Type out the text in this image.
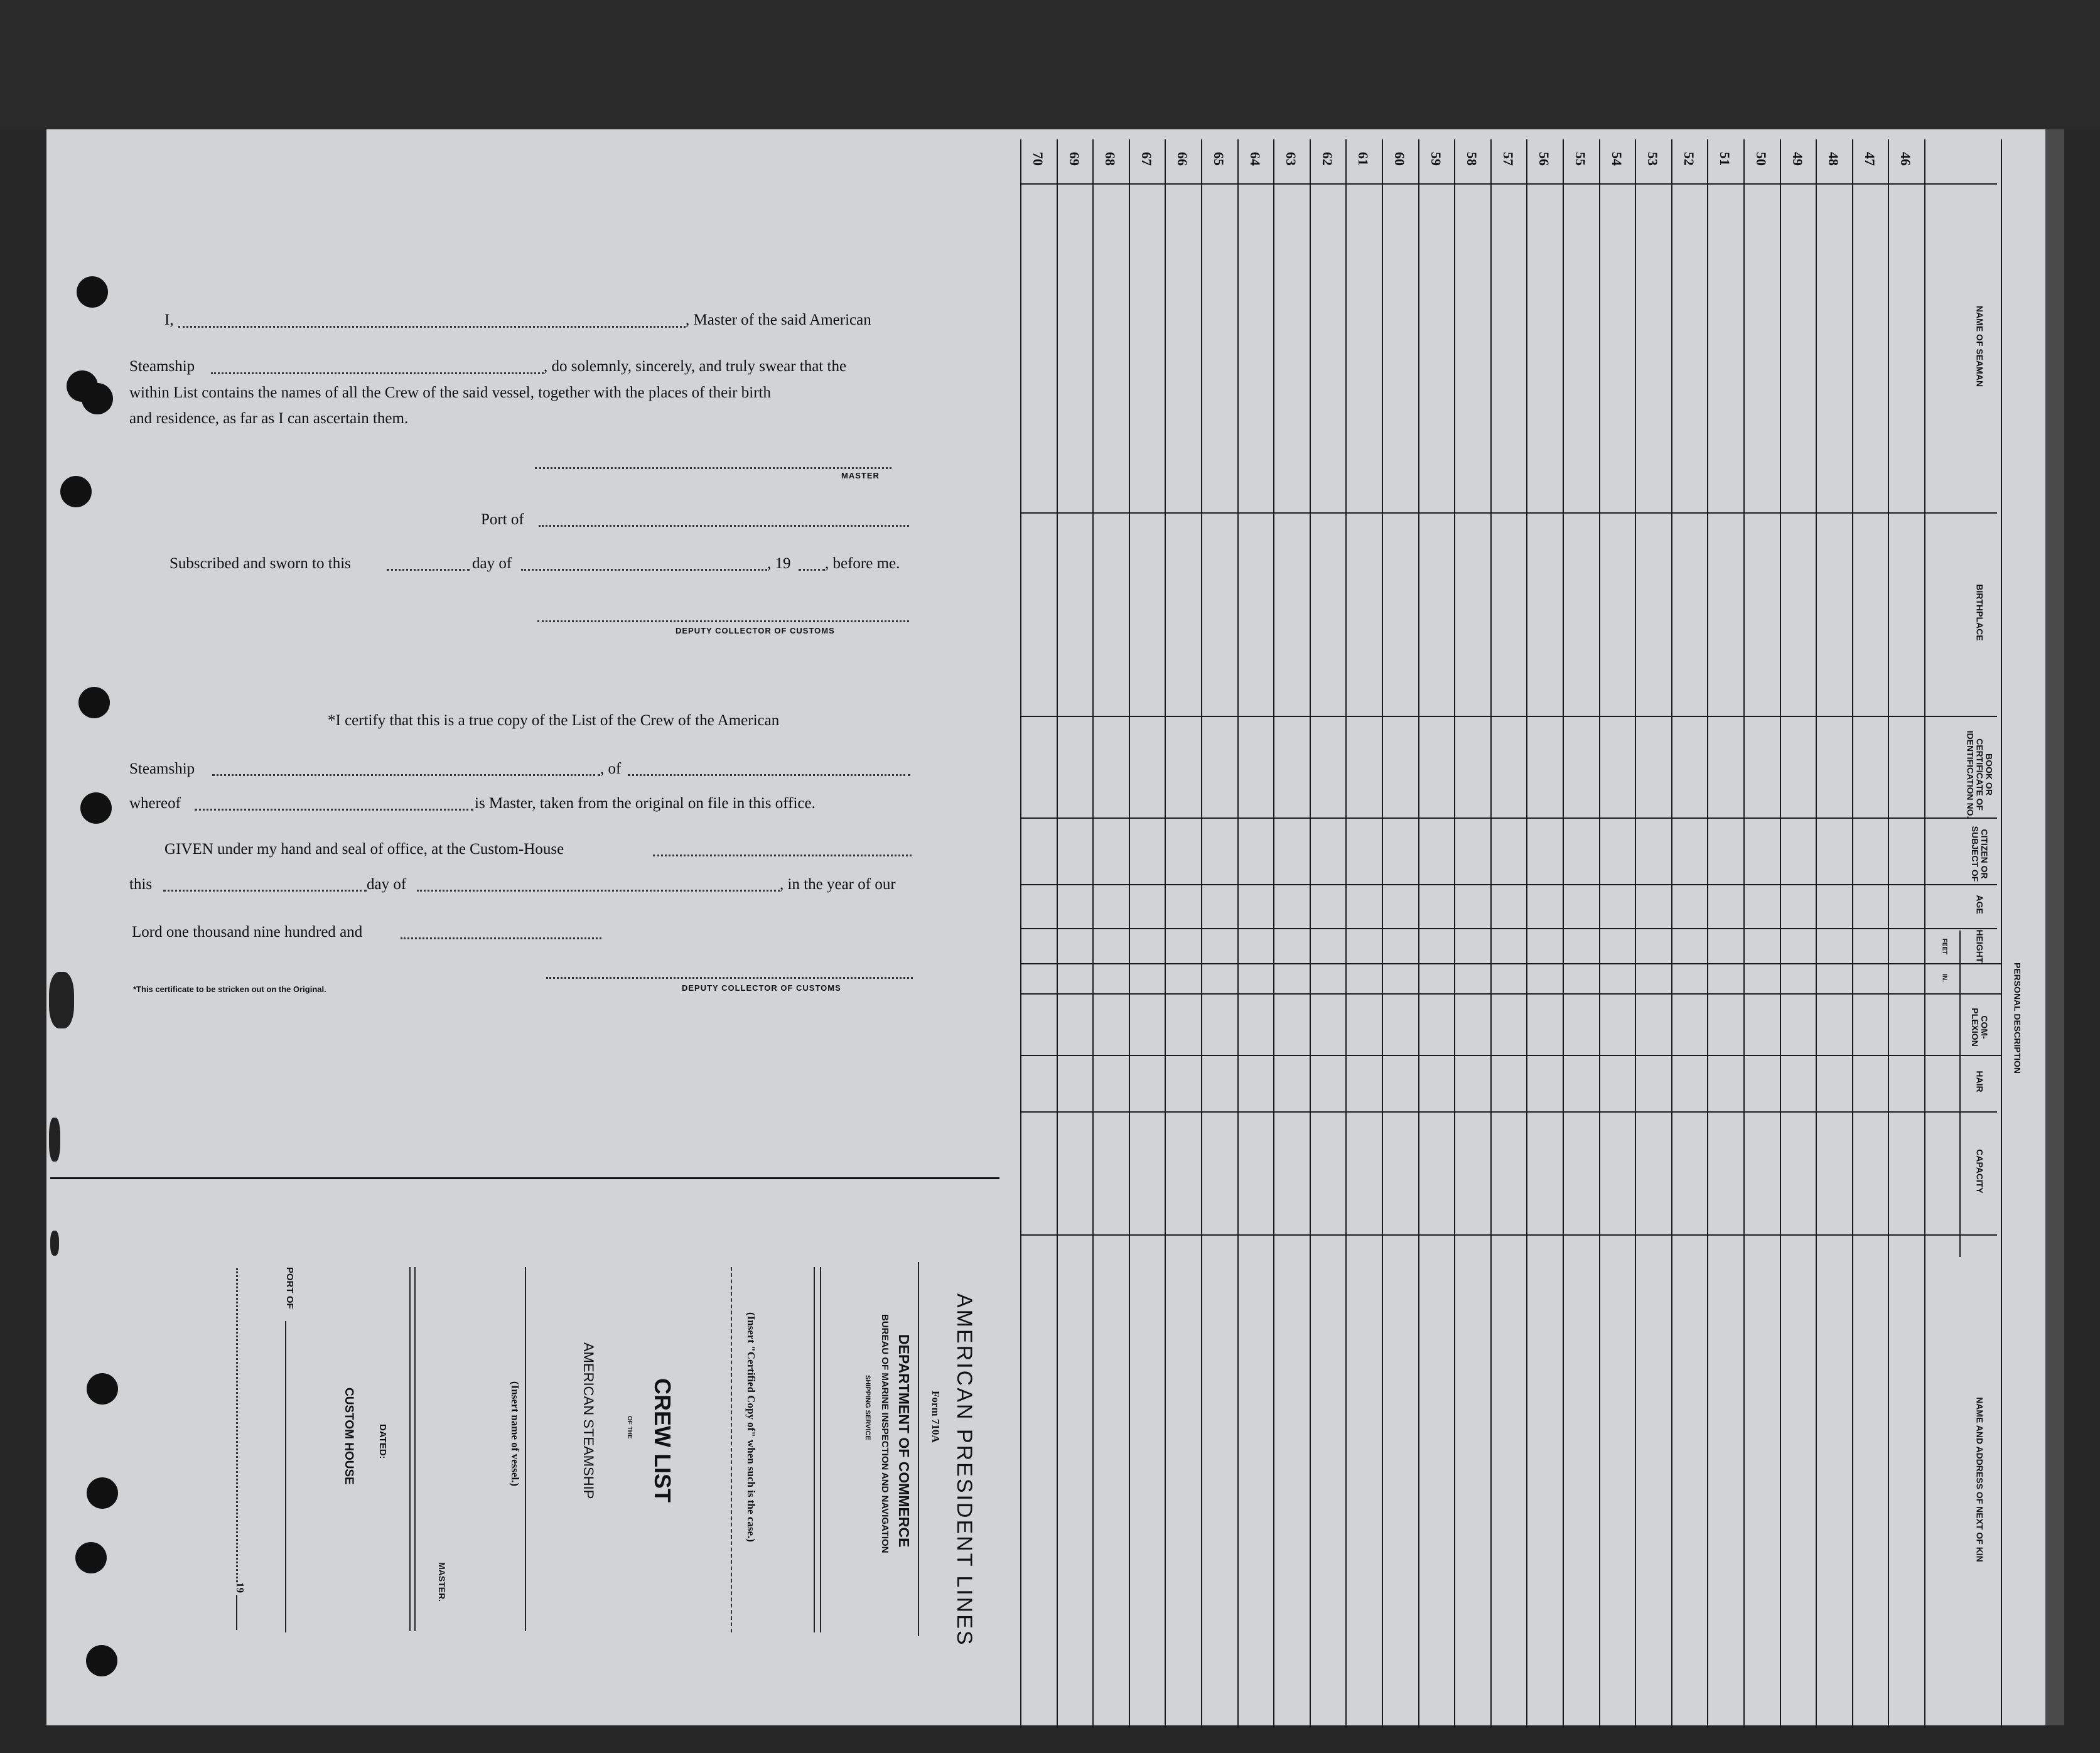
I,	, Master of the said American
Steamship	, do solemnly, sincerely, and truly swear that the
within List contains the names of all the Crew of the said vessel, together with the places of their birth
and residence, as far as I can ascertain them.
MASTER
Port of
Subscribed and sworn to this	day of	, 19 , before me.
DEPUTY COLLECTOR OF CUSTOMS
*I certify that this is a true copy of the List of the Crew of the American
Steamship	, of
whereof	is Master, taken from the original on file in this office.
GIVEN under my hand and seal of office, at the Custom-House
this	day of	, in the year of our
Lord one thousand nine hundred and
*This certificate to be stricken out on the Original.	DEPUTY COLLECTOR OF CUSTOMS
AMERICAN PRESIDENT LINES
Form 710A
DEPARTMENT OF COMMERCE
BUREAU OF MARINE INSPECTION AND NAVIGATION
SHIPPING SERVICE
(Insert "Certified Copy of" when such is the case.)
CREW LIST
OF THE
AMERICAN STEAMSHIP
(Insert name of vessel.)
MASTER.
DATED:
CUSTOM HOUSE
PORT OF
19
70 69 68 67 66 65 64 63 62 61 60 59 58 57 56 55 54 53 52 51 50 49 48 47 46
NAME OF SEAMAN
BIRTHPLACE
BOOK OR CERTIFICATE OF IDENTIFICATION NO.
CITIZEN OR SUBJECT OF
AGE
HEIGHT
COM- PLEXION
HAIR
PERSONAL DESCRIPTION
CAPACITY
NAME AND ADDRESS OF NEXT OF KIN
FEET
IN.
